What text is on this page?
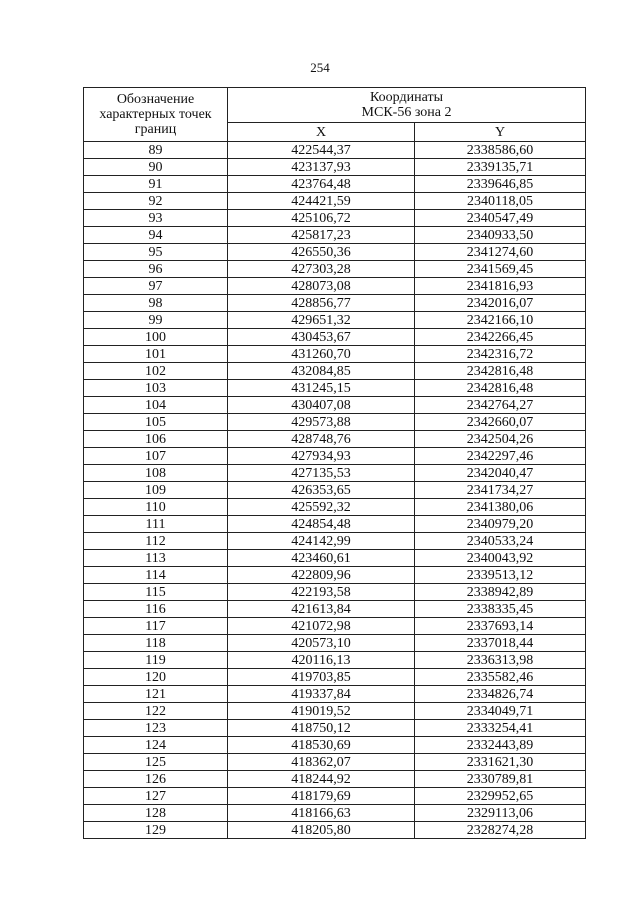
254
Обозначение характерных точек границ	Координаты
МСК-56 зона 2	

	X	Y
89	422544,37	2338586,60
90	423137,93	2339135,71
91	423764,48	2339646,85
92	424421,59	2340118,05
93	425106,72	2340547,49
94	425817,23	2340933,50
95	426550,36	2341274,60
96	427303,28	2341569,45
97	428073,08	2341816,93
98	428856,77	2342016,07
99	429651,32	2342166,10
100	430453,67	2342266,45
101	431260,70	2342316,72
102	432084,85	2342816,48
103	431245,15	2342816,48
104	430407,08	2342764,27
105	429573,88	2342660,07
106	428748,76	2342504,26
107	427934,93	2342297,46
108	427135,53	2342040,47
109	426353,65	2341734,27
110	425592,32	2341380,06
111	424854,48	2340979,20
112	424142,99	2340533,24
113	423460,61	2340043,92
114	422809,96	2339513,12
115	422193,58	2338942,89
116	421613,84	2338335,45
117	421072,98	2337693,14
118	420573,10	2337018,44
119	420116,13	2336313,98
120	419703,85	2335582,46
121	419337,84	2334826,74
122	419019,52	2334049,71
123	418750,12	2333254,41
124	418530,69	2332443,89
125	418362,07	2331621,30
126	418244,92	2330789,81
127	418179,69	2329952,65
128	418166,63	2329113,06
129	418205,80	2328274,28
